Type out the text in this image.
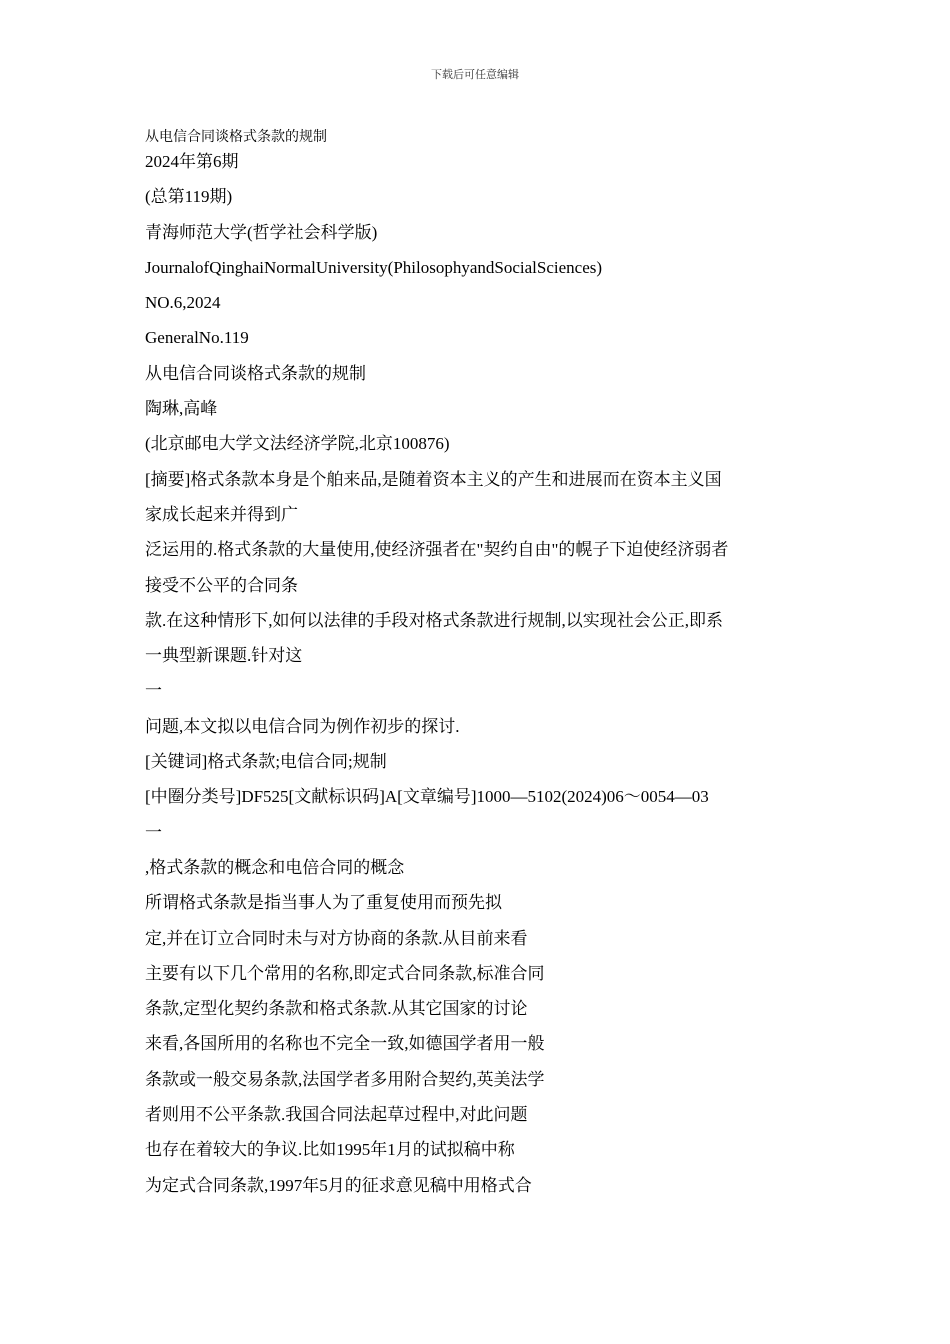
下载后可任意编辑
从电信合同谈格式条款的规制
2024年第6期
(总第119期)
青海师范大学(哲学社会科学版)
JournalofQinghaiNormalUniversity(PhilosophyandSocialSciences)
NO.6,2024
GeneralNo.119
从电信合同谈格式条款的规制
陶琳,高峰
(北京邮电大学文法经济学院,北京100876)
[摘要]格式条款本身是个舶来品,是随着资本主义的产生和进展而在资本主义国
家成长起来并得到广
泛运用的.格式条款的大量使用,使经济强者在"契约自由"的幌子下迫使经济弱者
接受不公平的合同条
款.在这种情形下,如何以法律的手段对格式条款进行规制,以实现社会公正,即系
一典型新课题.针对这
一
问题,本文拟以电信合同为例作初步的探讨.
[关键词]格式条款;电信合同;规制
[中圈分类号]DF525[文献标识码]A[文章编号]1000—5102(2024)06～0054—03
一
,格式条款的概念和电倍合同的概念
所谓格式条款是指当事人为了重复使用而预先拟
定,并在订立合同时未与对方协商的条款.从目前来看
主要有以下几个常用的名称,即定式合同条款,标准合同
条款,定型化契约条款和格式条款.从其它国家的讨论
来看,各国所用的名称也不完全一致,如德国学者用一般
条款或一般交易条款,法国学者多用附合契约,英美法学
者则用不公平条款.我国合同法起草过程中,对此问题
也存在着较大的争议.比如1995年1月的试拟稿中称
为定式合同条款,1997年5月的征求意见稿中用格式合
